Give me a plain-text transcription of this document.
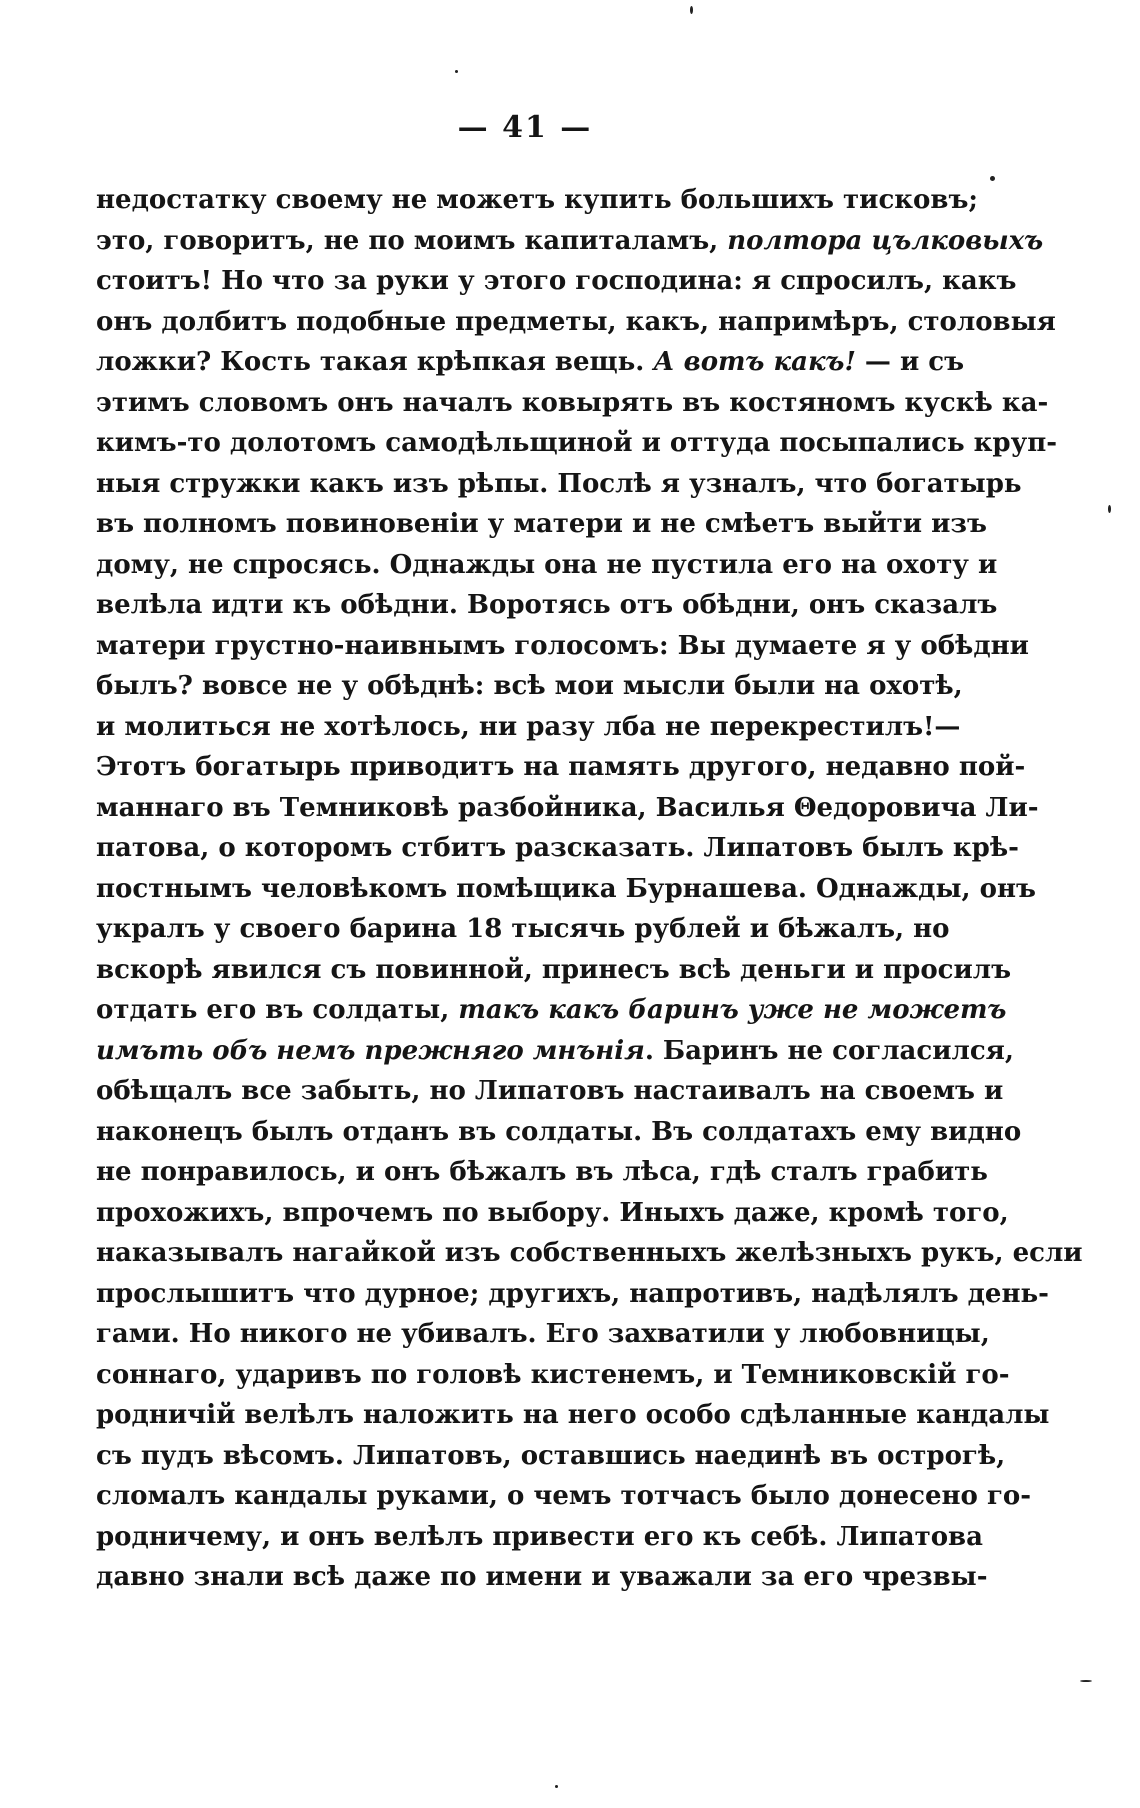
— 41 —
недостатку своему не можетъ купить большихъ тисковъ;
это, говоритъ, не по моимъ капиталамъ, полтора цълковыхъ
стоитъ! Но что за руки у этого господина: я спросилъ, какъ
онъ долбитъ подобные предметы, какъ, напримѣръ, столовыя
ложки? Кость такая крѣпкая вещь. А вотъ какъ! — и съ
этимъ словомъ онъ началъ ковырять въ костяномъ кускѣ ка-
кимъ-то долотомъ самодѣльщиной и оттуда посыпались круп-
ныя стружки какъ изъ рѣпы. Послѣ я узналъ, что богатырь
въ полномъ повиновенiи у матери и не смѣетъ выйти изъ
дому, не спросясь. Однажды она не пустила его на охоту и
велѣла идти къ обѣдни. Воротясь отъ обѣдни, онъ сказалъ
матери грустно-наивнымъ голосомъ: Вы думаете я у обѣдни
былъ? вовсе не у обѣднѣ: всѣ мои мысли были на охотѣ,
и молиться не хотѣлось, ни разу лба не перекрестилъ!—
Этотъ богатырь приводитъ на память другого, недавно пой-
маннаго въ Темниковѣ разбойника, Василья Θедоровича Ли-
патова, о которомъ стбитъ разсказать. Липатовъ былъ крѣ-
постнымъ человѣкомъ помѣщика Бурнашева. Однажды, онъ
укралъ у своего барина 18 тысячь рублей и бѣжалъ, но
вскорѣ явился съ повинной, принесъ всѣ деньги и просилъ
отдать его въ солдаты, такъ какъ баринъ уже не можетъ
имъть объ немъ прежняго мнънія. Баринъ не согласился,
обѣщалъ все забыть, но Липатовъ настаивалъ на своемъ и
наконецъ былъ отданъ въ солдаты. Въ солдатахъ ему видно
не понравилось, и онъ бѣжалъ въ лѣса, гдѣ сталъ грабить
прохожихъ, впрочемъ по выбору. Иныхъ даже, кромѣ того,
наказывалъ нагайкой изъ собственныхъ желѣзныхъ рукъ, если
прослышитъ что дурное; другихъ, напротивъ, надѣлялъ день-
гами. Но никого не убивалъ. Его захватили у любовницы,
соннаго, ударивъ по головѣ кистенемъ, и Темниковскiй го-
родничiй велѣлъ наложить на него особо сдѣланные кандалы
съ пудъ вѣсомъ. Липатовъ, оставшись наединѣ въ острогѣ,
сломалъ кандалы руками, о чемъ тотчасъ было донесено го-
родничему, и онъ велѣлъ привести его къ себѣ. Липатова
давно знали всѣ даже по имени и уважали за его чрезвы-
